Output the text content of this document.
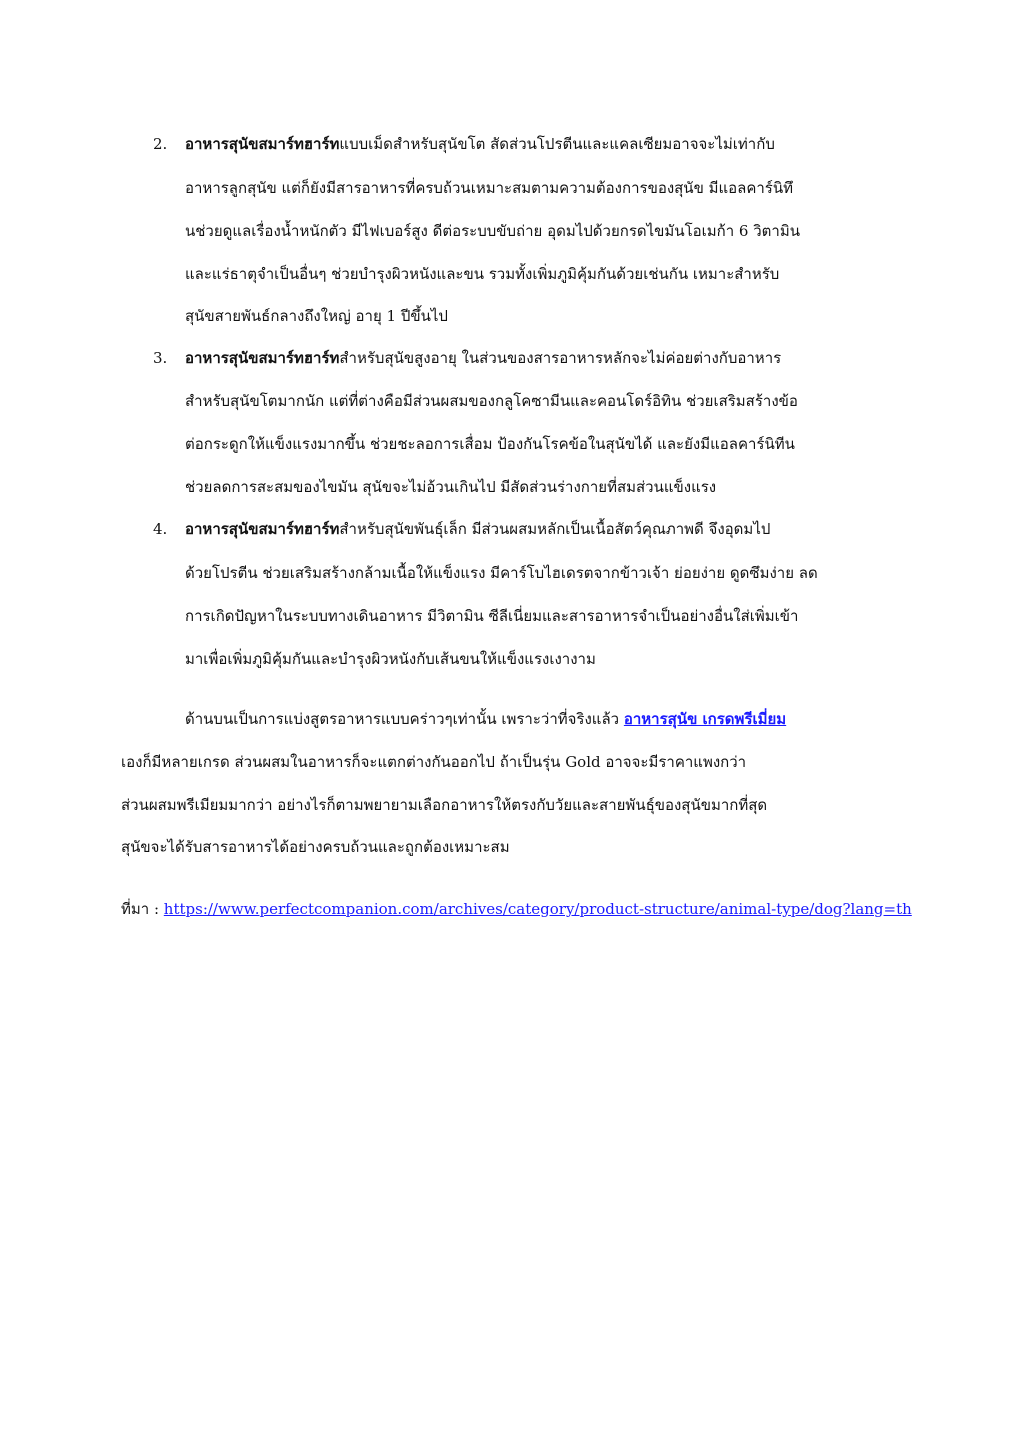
2. อาหารสุนัขสมาร์ทฮาร์ทแบบเม็ดสำหรับสุนัขโต สัดส่วนโปรตีนและแคลเซียมอาจจะไม่เท่ากับ
อาหารลูกสุนัข แต่ก็ยังมีสารอาหารที่ครบถ้วนเหมาะสมตามความต้องการของสุนัข มีแอลคาร์นิทึ
นช่วยดูแลเรื่องน้ำหนักตัว มีไฟเบอร์สูง ดีต่อระบบขับถ่าย อุดมไปด้วยกรดไขมันโอเมก้า 6 วิตามิน
และแร่ธาตุจำเป็นอื่นๆ ช่วยบำรุงผิวหนังและขน รวมทั้งเพิ่มภูมิคุ้มกันด้วยเช่นกัน เหมาะสำหรับ
สุนัขสายพันธ์กลางถึงใหญ่ อายุ 1 ปีขึ้นไป
3. อาหารสุนัขสมาร์ทฮาร์ทสำหรับสุนัขสูงอายุ ในส่วนของสารอาหารหลักจะไม่ค่อยต่างกับอาหาร
สำหรับสุนัขโตมากนัก แต่ที่ต่างคือมีส่วนผสมของกลูโคซามีนและคอนโดร์อิทิน ช่วยเสริมสร้างข้อ
ต่อกระดูกให้แข็งแรงมากขึ้น ช่วยชะลอการเสื่อม ป้องกันโรคข้อในสุนัขได้ และยังมีแอลคาร์นิทีน
ช่วยลดการสะสมของไขมัน สุนัขจะไม่อ้วนเกินไป มีสัดส่วนร่างกายที่สมส่วนแข็งแรง
4. อาหารสุนัขสมาร์ทฮาร์ทสำหรับสุนัขพันธุ์เล็ก มีส่วนผสมหลักเป็นเนื้อสัตว์คุณภาพดี จึงอุดมไป
ด้วยโปรตีน ช่วยเสริมสร้างกล้ามเนื้อให้แข็งแรง มีคาร์โบไฮเดรตจากข้าวเจ้า ย่อยง่าย ดูดซึมง่าย ลด
การเกิดปัญหาในระบบทางเดินอาหาร มีวิตามิน ซีลีเนี่ยมและสารอาหารจำเป็นอย่างอื่นใส่เพิ่มเข้า
มาเพื่อเพิ่มภูมิคุ้มกันและบำรุงผิวหนังกับเส้นขนให้แข็งแรงเงางาม
ด้านบนเป็นการแบ่งสูตรอาหารแบบคร่าวๆเท่านั้น เพราะว่าที่จริงแล้ว อาหารสุนัข เกรดพรีเมี่ยม
เองก็มีหลายเกรด ส่วนผสมในอาหารก็จะแตกต่างกันออกไป ถ้าเป็นรุ่น Gold อาจจะมีราคาแพงกว่า
ส่วนผสมพรีเมียมมากว่า อย่างไรก็ตามพยายามเลือกอาหารให้ตรงกับวัยและสายพันธุ์ของสุนัขมากที่สุด
สุนัขจะได้รับสารอาหารได้อย่างครบถ้วนและถูกต้องเหมาะสม
ที่มา : https://www.perfectcompanion.com/archives/category/product-structure/animal-type/dog?lang=th
